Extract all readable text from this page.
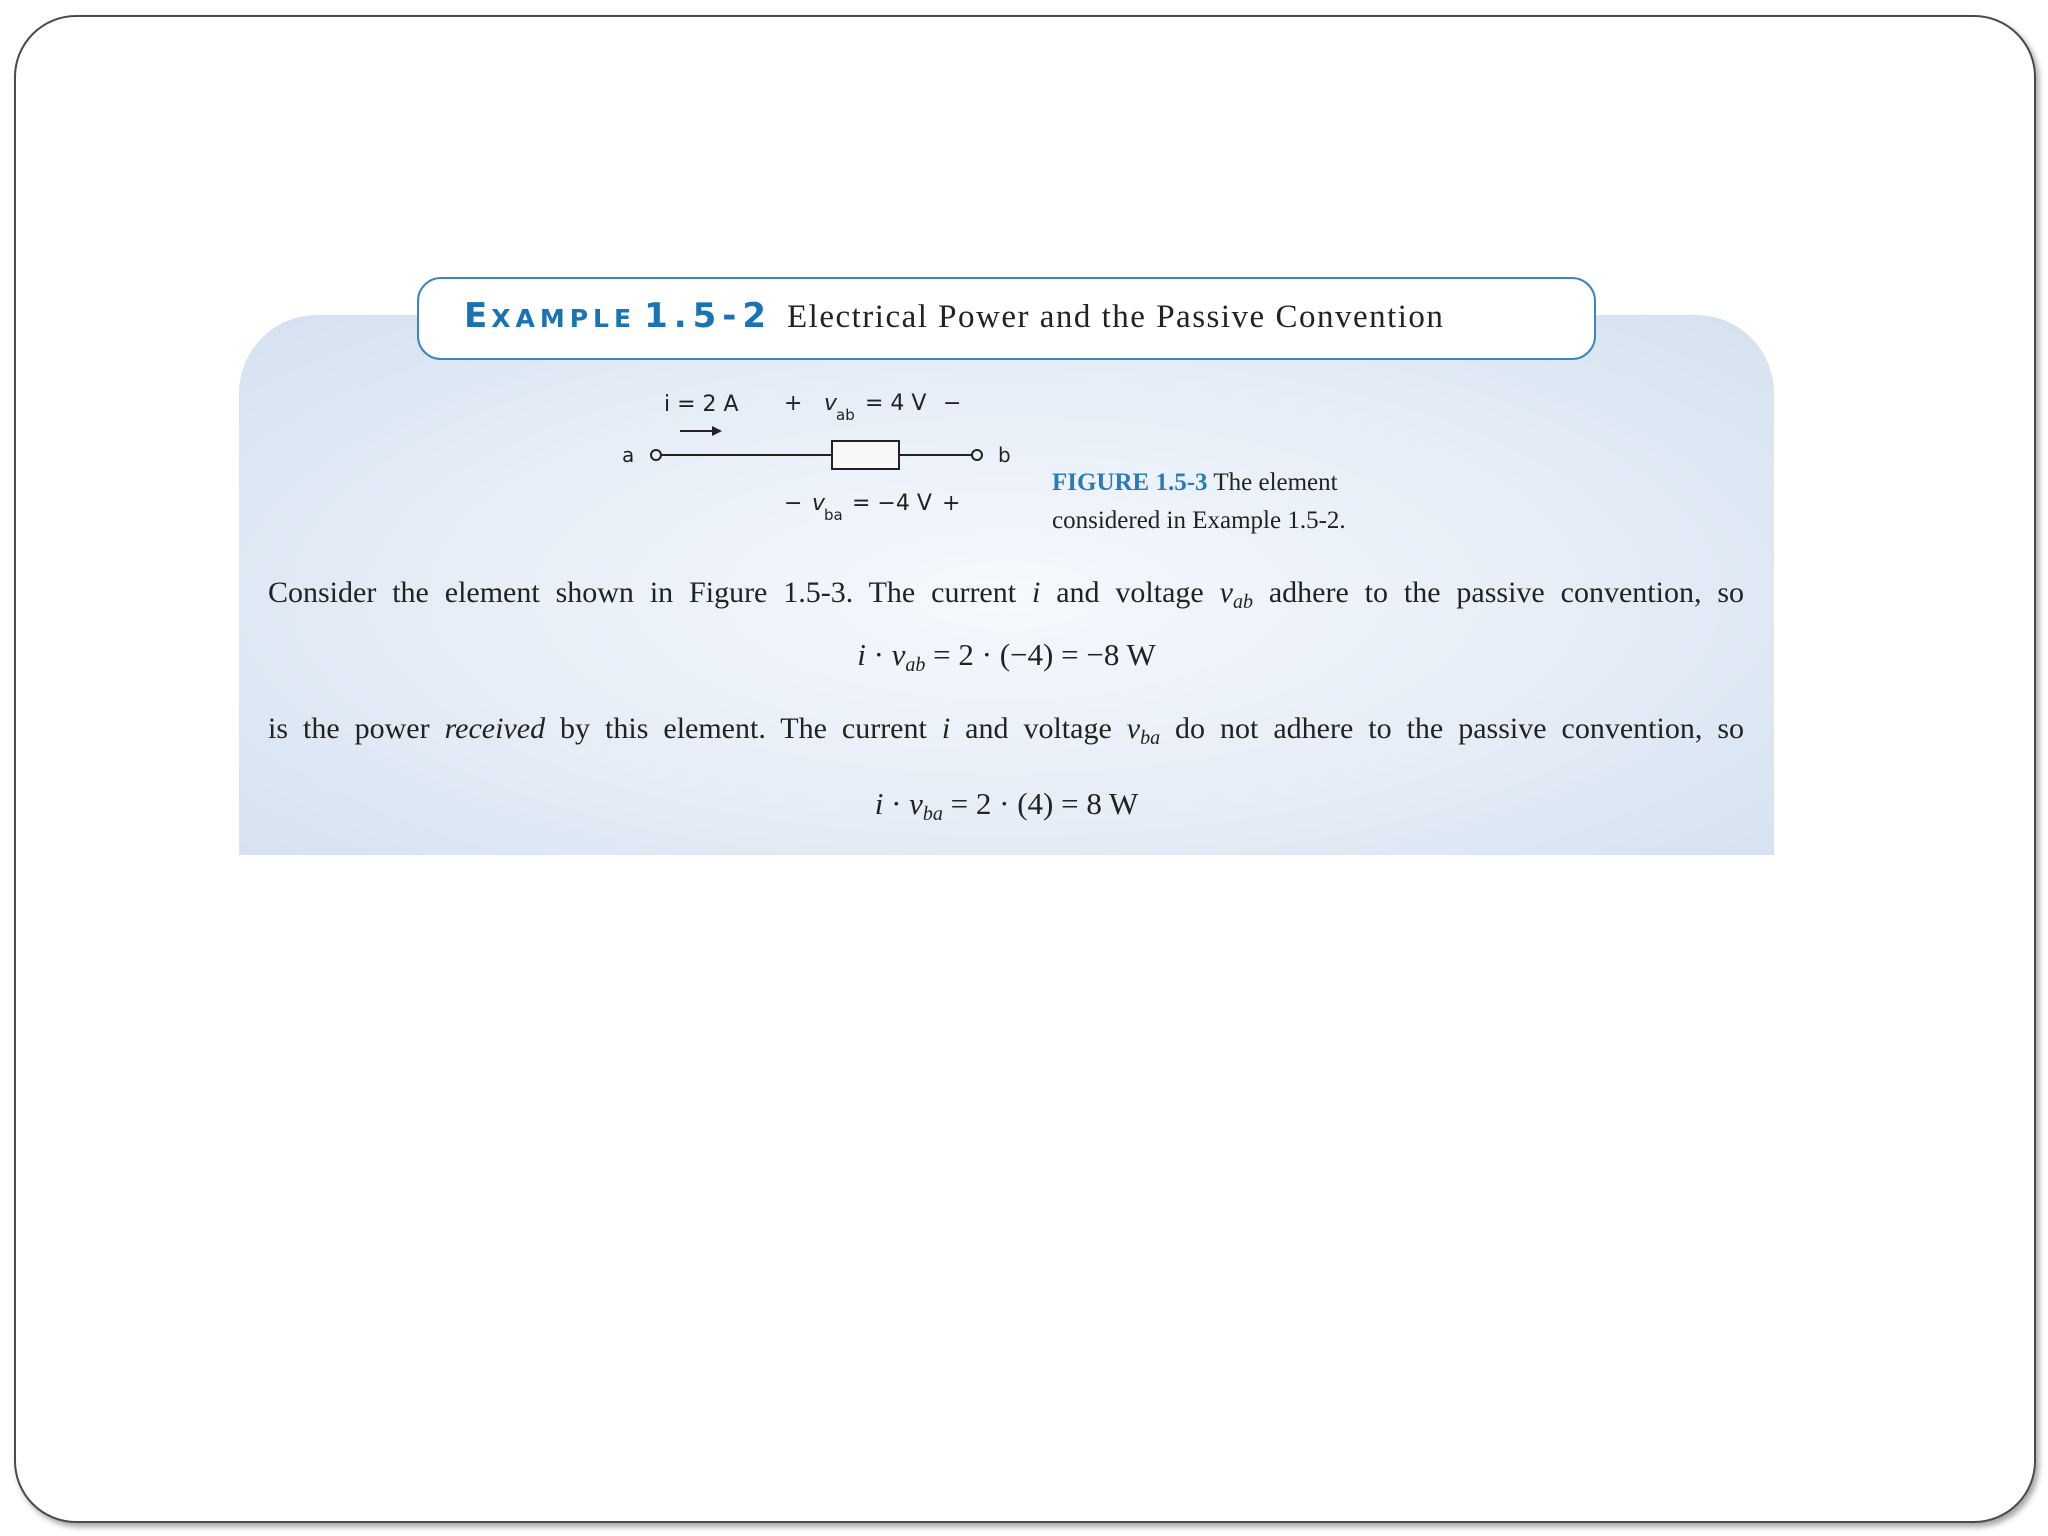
EXAMPLE 1.5-2 Electrical Power and the Passive Convention
i = 2 A + v
ab = 4 V −
a	b
− v
ba = −4 V +
FIGURE 1.5-3 The element
considered in Example 1.5-2.
Consider the element shown in Figure 1.5-3. The current i and voltage $v_{ab}$ adhere to the passive convention, so
$i \cdot v_{ab} = 2 \cdot (-4) = -8$ W
is the power received by this element. The current i and voltage $v_{ba}$ do not adhere to the passive convention, so
$i \cdot v_{ba} = 2 \cdot (4) = 8$ W
